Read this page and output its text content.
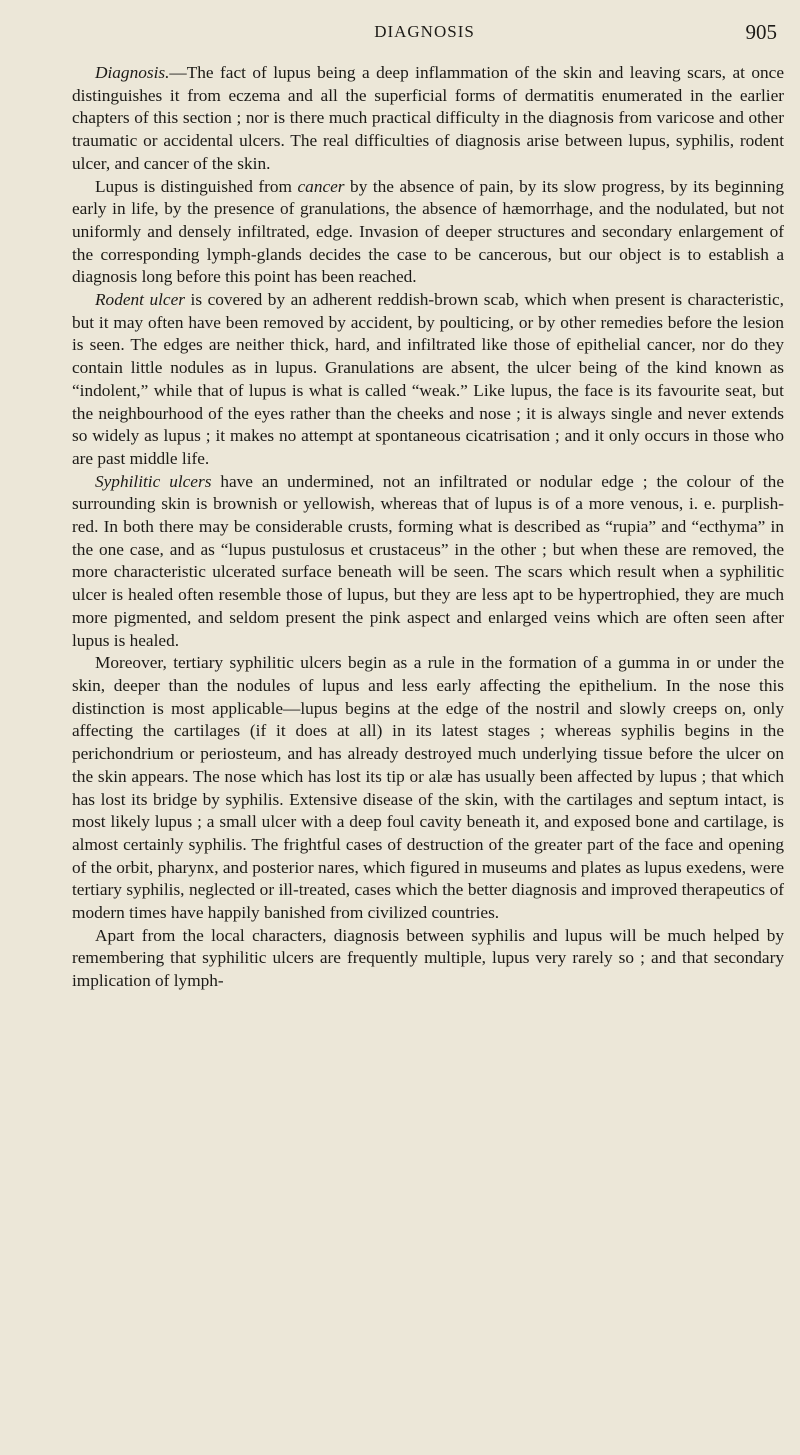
DIAGNOSIS	905

Diagnosis.—The fact of lupus being a deep inflammation of the skin and leaving scars, at once distinguishes it from eczema and all the superficial forms of dermatitis enumerated in the earlier chapters of this section ; nor is there much practical difficulty in the diagnosis from varicose and other traumatic or accidental ulcers. The real difficulties of diagnosis arise between lupus, syphilis, rodent ulcer, and cancer of the skin.

Lupus is distinguished from cancer by the absence of pain, by its slow progress, by its beginning early in life, by the presence of granulations, the absence of hæmorrhage, and the nodulated, but not uniformly and densely infiltrated, edge. Invasion of deeper structures and secondary enlargement of the corresponding lymph-glands decides the case to be cancerous, but our object is to establish a diagnosis long before this point has been reached.

Rodent ulcer is covered by an adherent reddish-brown scab, which when present is characteristic, but it may often have been removed by accident, by poulticing, or by other remedies before the lesion is seen. The edges are neither thick, hard, and infiltrated like those of epithelial cancer, nor do they contain little nodules as in lupus. Granulations are absent, the ulcer being of the kind known as “indolent,” while that of lupus is what is called “weak.” Like lupus, the face is its favourite seat, but the neighbourhood of the eyes rather than the cheeks and nose ; it is always single and never extends so widely as lupus ; it makes no attempt at spontaneous cicatrisation ; and it only occurs in those who are past middle life.

Syphilitic ulcers have an undermined, not an infiltrated or nodular edge ; the colour of the surrounding skin is brownish or yellowish, whereas that of lupus is of a more venous, i. e. purplish-red. In both there may be considerable crusts, forming what is described as “rupia” and “ecthyma” in the one case, and as “lupus pustulosus et crustaceus” in the other ; but when these are removed, the more characteristic ulcerated surface beneath will be seen. The scars which result when a syphilitic ulcer is healed often resemble those of lupus, but they are less apt to be hypertrophied, they are much more pigmented, and seldom present the pink aspect and enlarged veins which are often seen after lupus is healed.

Moreover, tertiary syphilitic ulcers begin as a rule in the formation of a gumma in or under the skin, deeper than the nodules of lupus and less early affecting the epithelium. In the nose this distinction is most applicable—lupus begins at the edge of the nostril and slowly creeps on, only affecting the cartilages (if it does at all) in its latest stages ; whereas syphilis begins in the perichondrium or periosteum, and has already destroyed much underlying tissue before the ulcer on the skin appears. The nose which has lost its tip or alæ has usually been affected by lupus ; that which has lost its bridge by syphilis. Extensive disease of the skin, with the cartilages and septum intact, is most likely lupus ; a small ulcer with a deep foul cavity beneath it, and exposed bone and cartilage, is almost certainly syphilis. The frightful cases of destruction of the greater part of the face and opening of the orbit, pharynx, and posterior nares, which figured in museums and plates as lupus exedens, were tertiary syphilis, neglected or ill-treated, cases which the better diagnosis and improved therapeutics of modern times have happily banished from civilized countries.

Apart from the local characters, diagnosis between syphilis and lupus will be much helped by remembering that syphilitic ulcers are frequently multiple, lupus very rarely so ; and that secondary implication of lymph-
